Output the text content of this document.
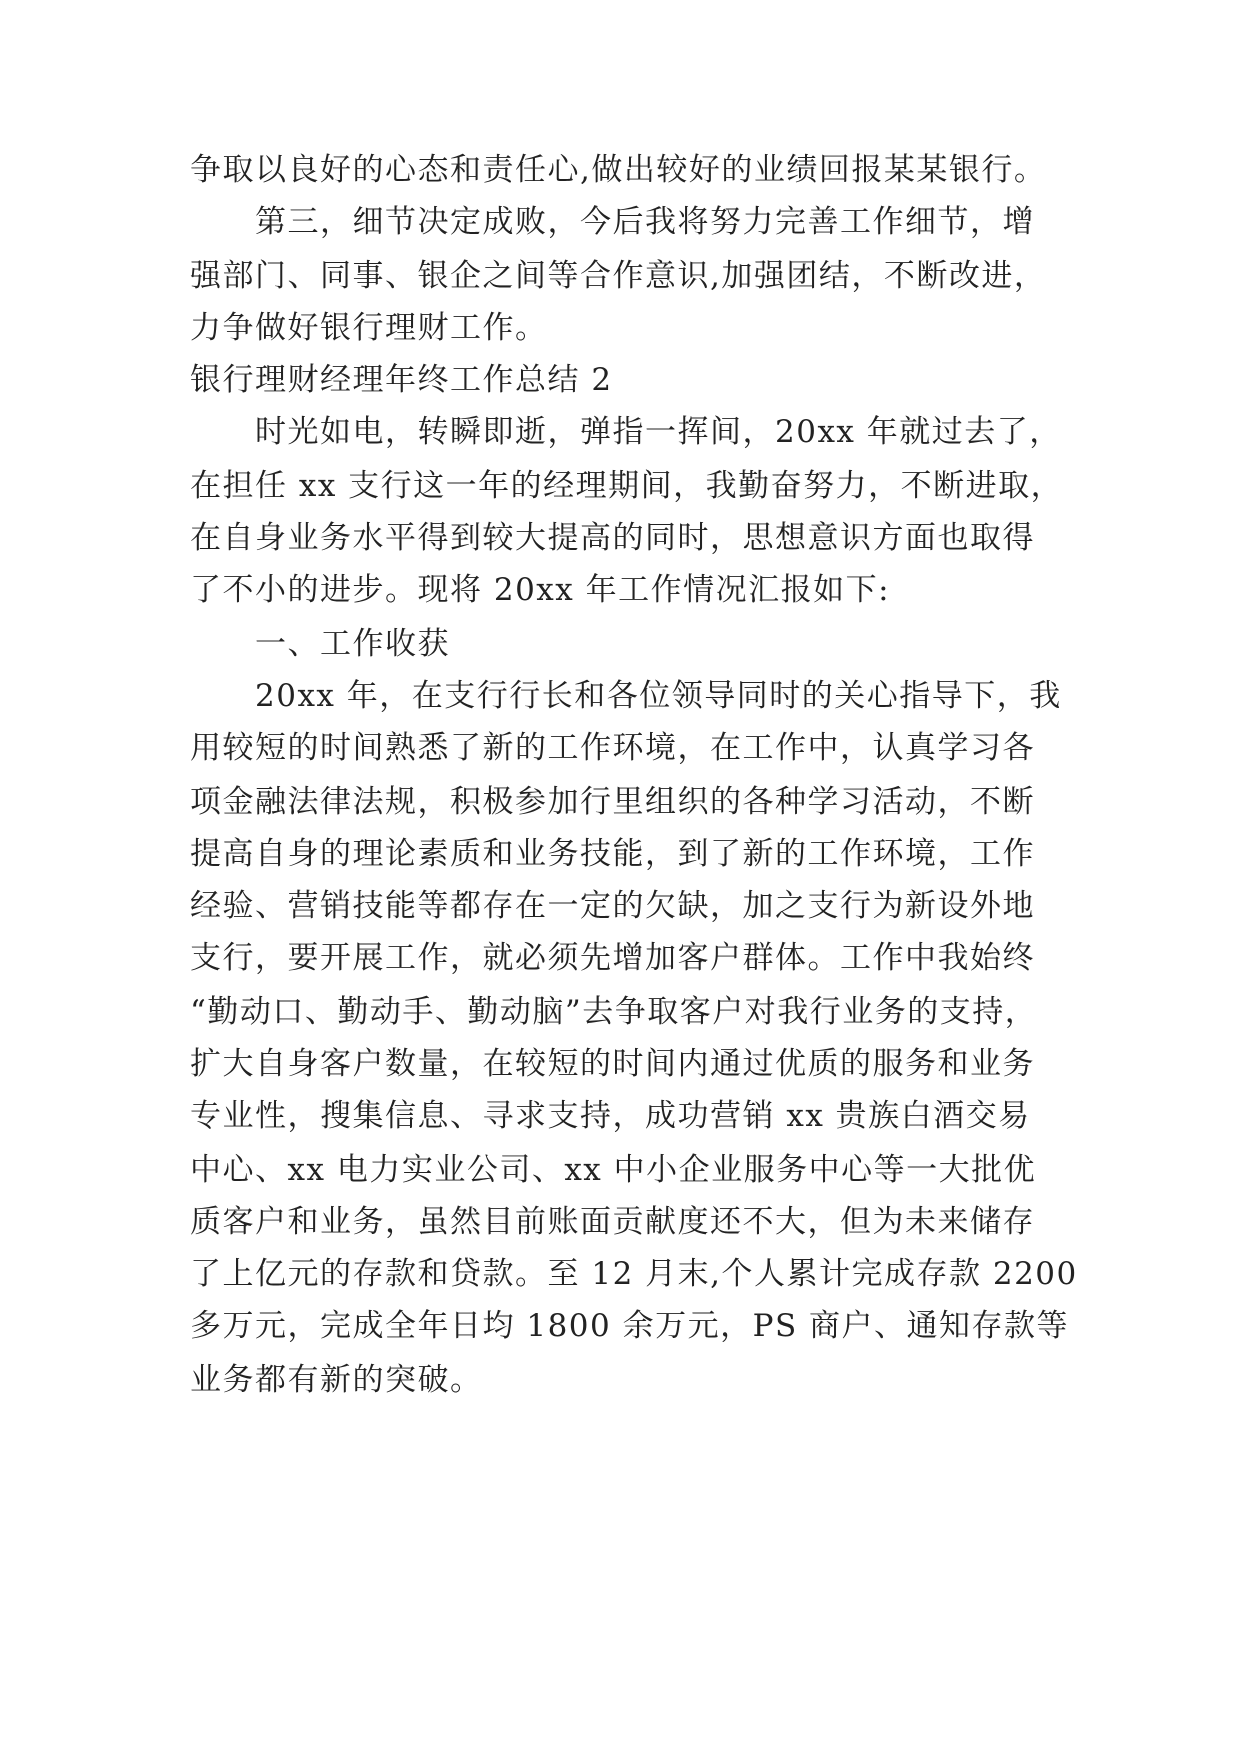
争取以良好的心态和责任心,做出较好的业绩回报某某银行。
第三，细节决定成败，今后我将努力完善工作细节，增
强部门、同事、银企之间等合作意识,加强团结，不断改进，
力争做好银行理财工作。
银行理财经理年终工作总结 2
时光如电，转瞬即逝，弹指一挥间，20xx 年就过去了，
在担任 xx 支行这一年的经理期间，我勤奋努力，不断进取，
在自身业务水平得到较大提高的同时，思想意识方面也取得
了不小的进步。现将 20xx 年工作情况汇报如下:
一、工作收获
20xx 年，在支行行长和各位领导同时的关心指导下，我
用较短的时间熟悉了新的工作环境，在工作中，认真学习各
项金融法律法规，积极参加行里组织的各种学习活动，不断
提高自身的理论素质和业务技能，到了新的工作环境，工作
经验、营销技能等都存在一定的欠缺，加之支行为新设外地
支行，要开展工作，就必须先增加客户群体。工作中我始终
“勤动口、勤动手、勤动脑”去争取客户对我行业务的支持，
扩大自身客户数量，在较短的时间内通过优质的服务和业务
专业性，搜集信息、寻求支持，成功营销 xx 贵族白酒交易
中心、xx 电力实业公司、xx 中小企业服务中心等一大批优
质客户和业务，虽然目前账面贡献度还不大，但为未来储存
了上亿元的存款和贷款。至 12 月末,个人累计完成存款 2200
多万元，完成全年日均 1800 余万元，PS 商户、通知存款等
业务都有新的突破。
